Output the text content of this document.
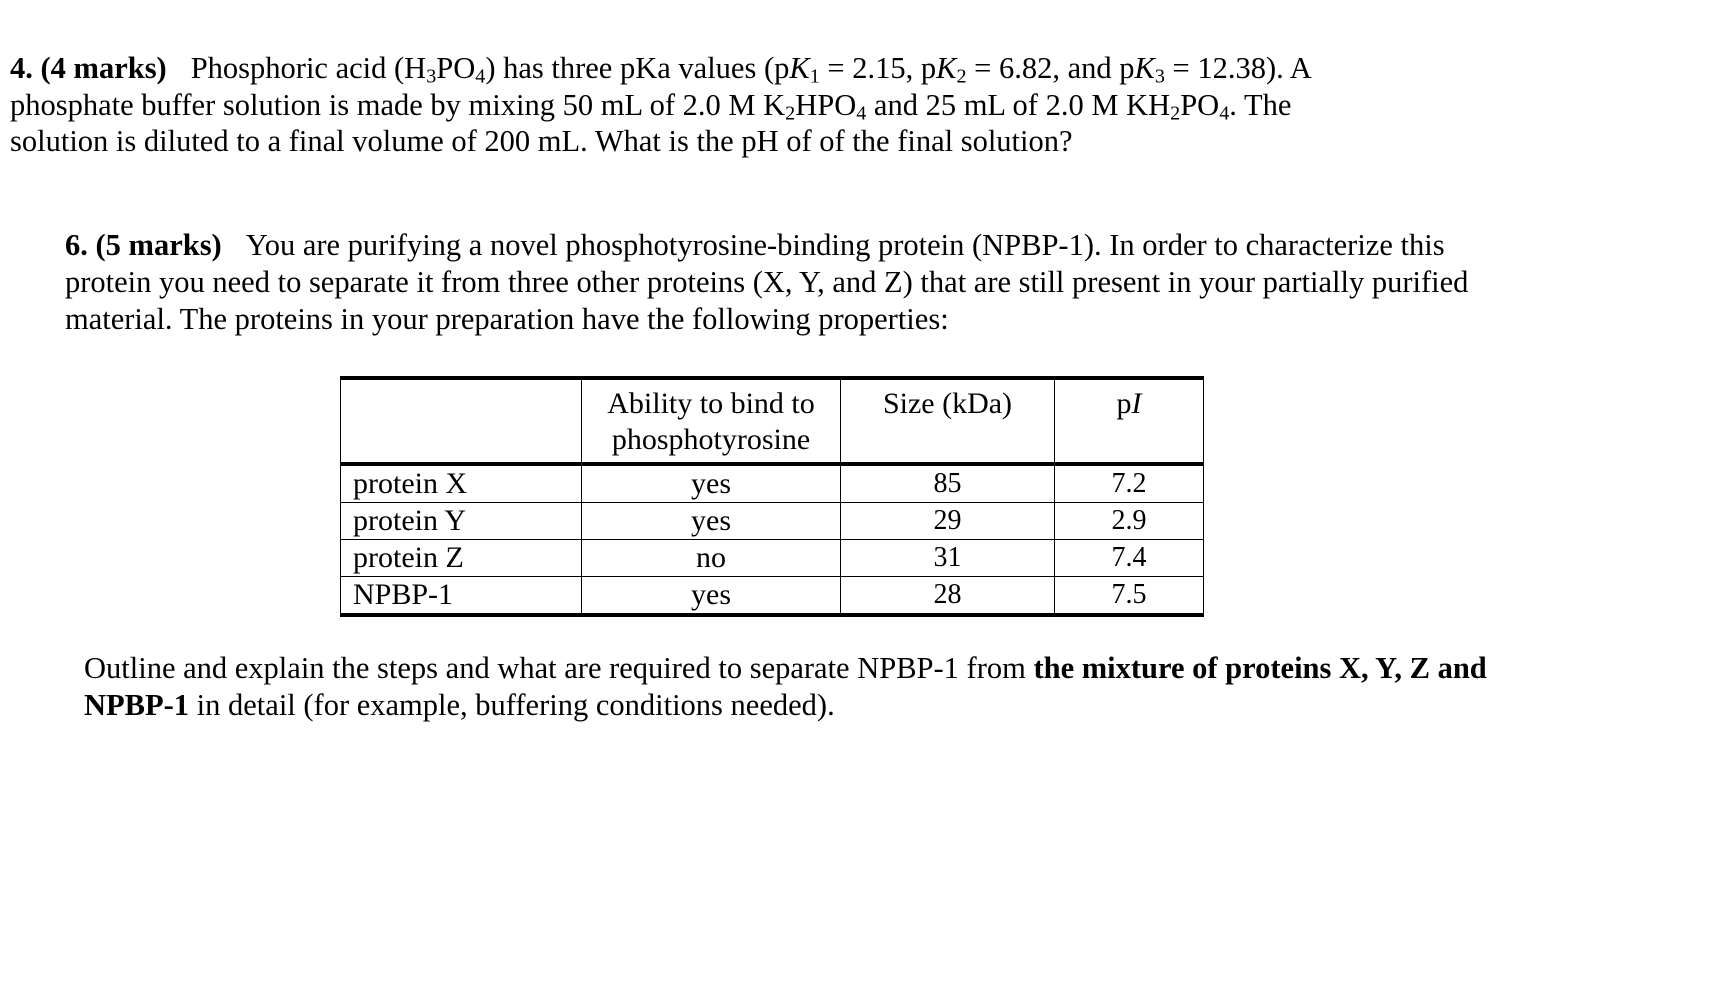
4. (4 marks) Phosphoric acid $(H_3PO_4)$ has three pKa values ($pK_1 = 2.15$, $pK_2 = 6.82$, and $pK_3 = 12.38$). A
phosphate buffer solution is made by mixing 50 mL of 2.0 M $K_2HPO_4$ and 25 mL of 2.0 M $KH_2PO_4$. The
solution is diluted to a final volume of 200 mL. What is the pH of of the final solution?
6. (5 marks) You are purifying a novel phosphotyrosine-binding protein (NPBP-1). In order to characterize this protein you need to separate it from three other proteins (X, Y, and Z) that are still present in your partially purified material. The proteins in your preparation have the following properties:
	Ability to bind to phosphotyrosine	Size (kDa)	pI
protein X	yes	85	7.2
protein Y	yes	29	2.9
protein Z	no	31	7.4
NPBP-1	yes	28	7.5
Outline and explain the steps and what are required to separate NPBP-1 from the mixture of proteins X, Y, Z and NPBP-1 in detail (for example, buffering conditions needed).
